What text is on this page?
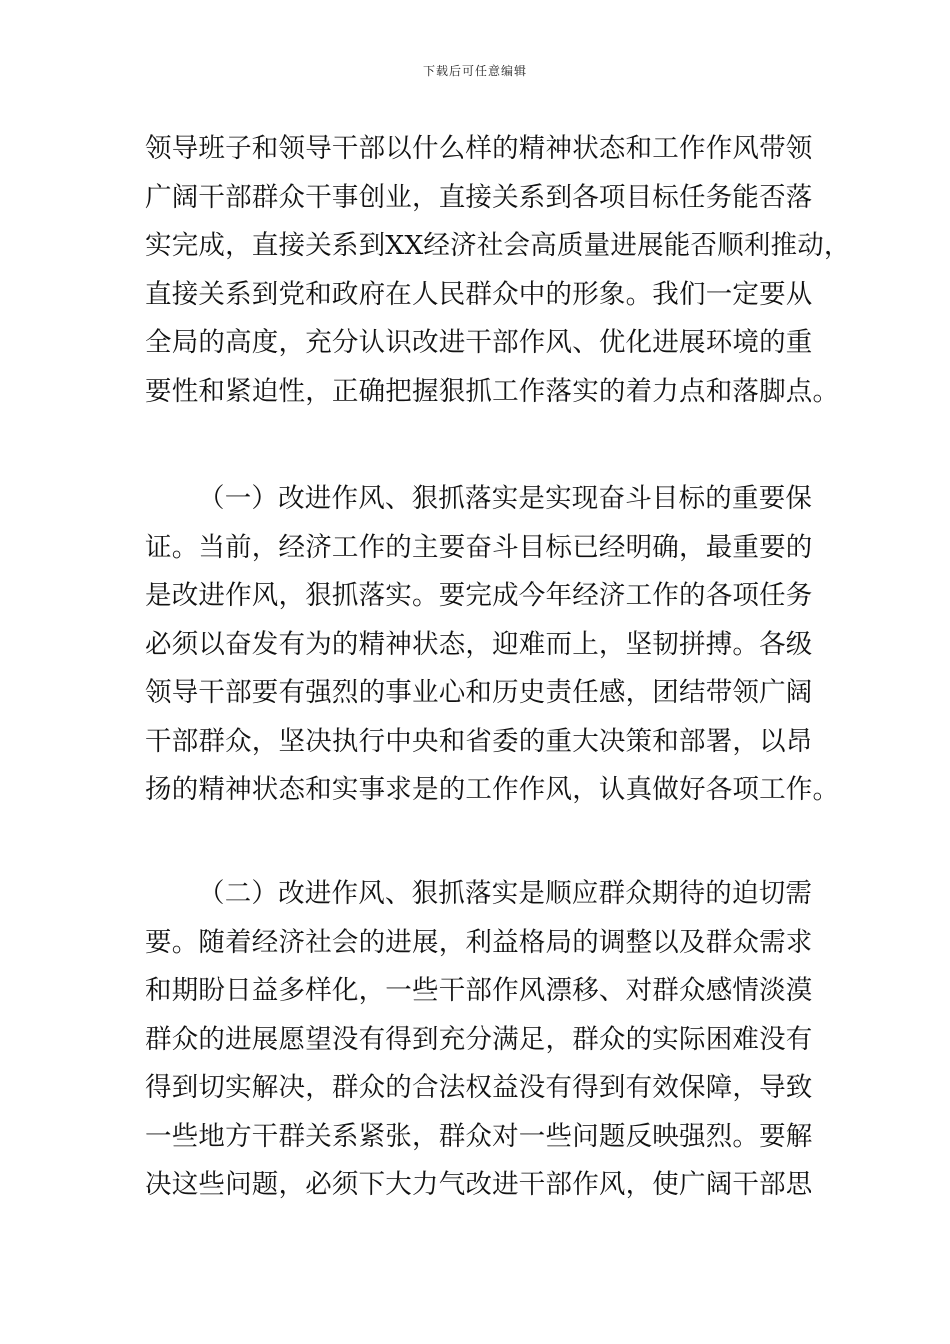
下载后可任意编辑
领导班子和领导干部以什么样的精神状态和工作作风带领
广阔干部群众干事创业，直接关系到各项目标任务能否落
实完成，直接关系到XX经济社会高质量进展能否顺利推动，
直接关系到党和政府在人民群众中的形象。我们一定要从
全局的高度，充分认识改进干部作风、优化进展环境的重
要性和紧迫性，正确把握狠抓工作落实的着力点和落脚点。
（一）改进作风、狠抓落实是实现奋斗目标的重要保
证。当前，经济工作的主要奋斗目标已经明确，最重要的
是改进作风，狠抓落实。要完成今年经济工作的各项任务
必须以奋发有为的精神状态，迎难而上，坚韧拼搏。各级
领导干部要有强烈的事业心和历史责任感，团结带领广阔
干部群众，坚决执行中央和省委的重大决策和部署，以昂
扬的精神状态和实事求是的工作作风，认真做好各项工作。
（二）改进作风、狠抓落实是顺应群众期待的迫切需
要。随着经济社会的进展，利益格局的调整以及群众需求
和期盼日益多样化，一些干部作风漂移、对群众感情淡漠
群众的进展愿望没有得到充分满足，群众的实际困难没有
得到切实解决，群众的合法权益没有得到有效保障，导致
一些地方干群关系紧张，群众对一些问题反映强烈。要解
决这些问题，必须下大力气改进干部作风，使广阔干部思
